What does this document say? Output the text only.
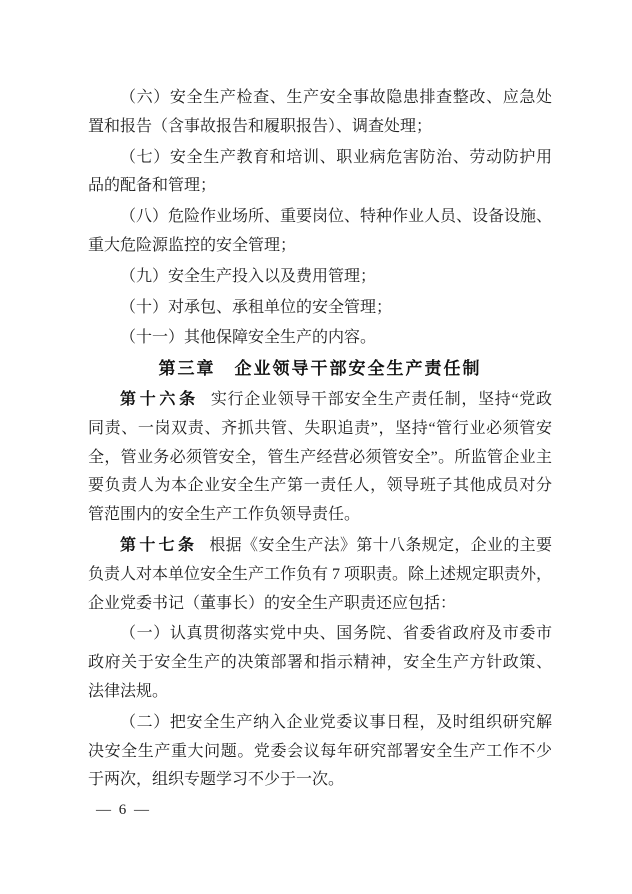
（六）安全生产检查、生产安全事故隐患排查整改、应急处
置和报告（含事故报告和履职报告）、调查处理；
（七）安全生产教育和培训、职业病危害防治、劳动防护用
品的配备和管理；
（八）危险作业场所、重要岗位、特种作业人员、设备设施、
重大危险源监控的安全管理；
（九）安全生产投入以及费用管理；
（十）对承包、承租单位的安全管理；
（十一）其他保障安全生产的内容。
第三章　企业领导干部安全生产责任制
第十六条 实行企业领导干部安全生产责任制，坚持“党政
同责、一岗双责、齐抓共管、失职追责”，坚持“管行业必须管安
全，管业务必须管安全，管生产经营必须管安全”。所监管企业主
要负责人为本企业安全生产第一责任人，领导班子其他成员对分
管范围内的安全生产工作负领导责任。
第十七条 根据《安全生产法》第十八条规定，企业的主要
负责人对本单位安全生产工作负有 7 项职责。除上述规定职责外，
企业党委书记（董事长）的安全生产职责还应包括：
（一）认真贯彻落实党中央、国务院、省委省政府及市委市
政府关于安全生产的决策部署和指示精神，安全生产方针政策、
法律法规。
（二）把安全生产纳入企业党委议事日程，及时组织研究解
决安全生产重大问题。党委会议每年研究部署安全生产工作不少
于两次，组织专题学习不少于一次。
— 6 —
